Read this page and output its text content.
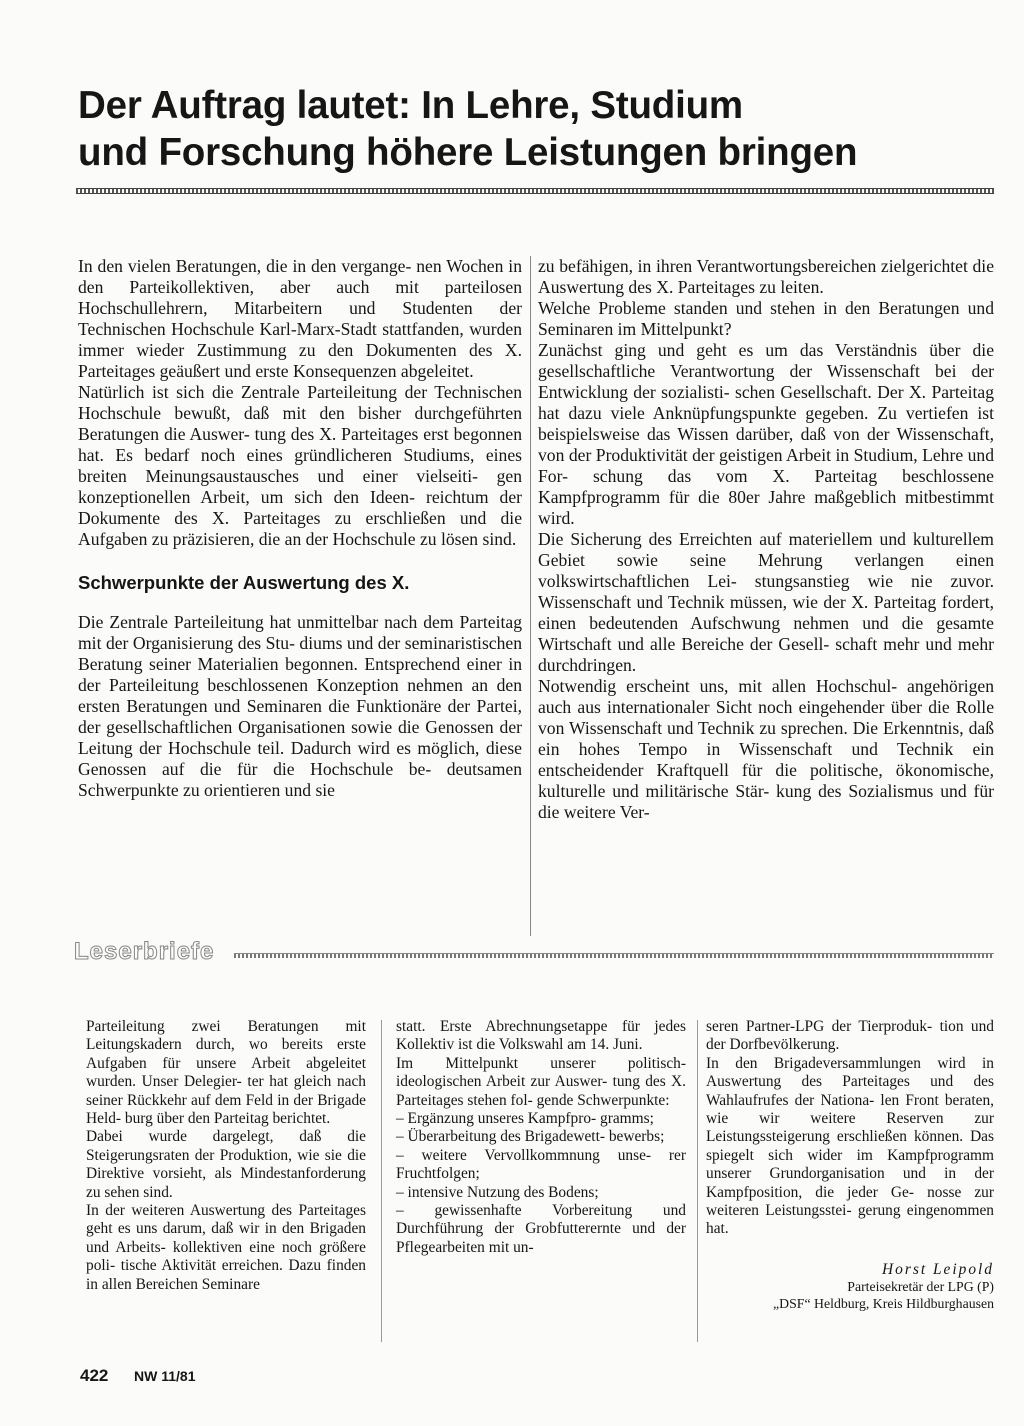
Der Auftrag lautet: In Lehre, Studium
und Forschung höhere Leistungen bringen

In den vielen Beratungen, die in den vergange- nen Wochen in den Parteikollektiven, aber auch mit parteilosen Hochschullehrern, Mitarbeitern und Studenten der Technischen Hochschule Karl-Marx-Stadt stattfanden, wurden immer wieder Zustimmung zu den Dokumenten des X. Parteitages geäußert und erste Konsequenzen abgeleitet.

Natürlich ist sich die Zentrale Parteileitung der Technischen Hochschule bewußt, daß mit den bisher durchgeführten Beratungen die Auswer- tung des X. Parteitages erst begonnen hat. Es bedarf noch eines gründlicheren Studiums, eines breiten Meinungsaustausches und einer vielseiti- gen konzeptionellen Arbeit, um sich den Ideen- reichtum der Dokumente des X. Parteitages zu erschließen und die Aufgaben zu präzisieren, die an der Hochschule zu lösen sind.

Schwerpunkte der Auswertung des X.

Die Zentrale Parteileitung hat unmittelbar nach dem Parteitag mit der Organisierung des Stu- diums und der seminaristischen Beratung seiner Materialien begonnen. Entsprechend einer in der Parteileitung beschlossenen Konzeption nehmen an den ersten Beratungen und Seminaren die Funktionäre der Partei, der gesellschaftlichen Organisationen sowie die Genossen der Leitung der Hochschule teil. Dadurch wird es möglich, diese Genossen auf die für die Hochschule be- deutsamen Schwerpunkte zu orientieren und sie

zu befähigen, in ihren Verantwortungsbereichen zielgerichtet die Auswertung des X. Parteitages zu leiten.

Welche Probleme standen und stehen in den Beratungen und Seminaren im Mittelpunkt?

Zunächst ging und geht es um das Verständnis über die gesellschaftliche Verantwortung der Wissenschaft bei der Entwicklung der sozialisti- schen Gesellschaft. Der X. Parteitag hat dazu viele Anknüpfungspunkte gegeben. Zu vertiefen ist beispielsweise das Wissen darüber, daß von der Wissenschaft, von der Produktivität der geistigen Arbeit in Studium, Lehre und For- schung das vom X. Parteitag beschlossene Kampfprogramm für die 80er Jahre maßgeblich mitbestimmt wird.

Die Sicherung des Erreichten auf materiellem und kulturellem Gebiet sowie seine Mehrung verlangen einen volkswirtschaftlichen Lei- stungsanstieg wie nie zuvor. Wissenschaft und Technik müssen, wie der X. Parteitag fordert, einen bedeutenden Aufschwung nehmen und die gesamte Wirtschaft und alle Bereiche der Gesell- schaft mehr und mehr durchdringen.

Notwendig erscheint uns, mit allen Hochschul- angehörigen auch aus internationaler Sicht noch eingehender über die Rolle von Wissenschaft und Technik zu sprechen. Die Erkenntnis, daß ein hohes Tempo in Wissenschaft und Technik ein entscheidender Kraftquell für die politische, ökonomische, kulturelle und militärische Stär- kung des Sozialismus und für die weitere Ver-

Leserbriefe

Parteileitung zwei Beratungen mit Leitungskadern durch, wo bereits erste Aufgaben für unsere Arbeit abgeleitet wurden. Unser Delegier- ter hat gleich nach seiner Rückkehr auf dem Feld in der Brigade Held- burg über den Parteitag berichtet.

Dabei wurde dargelegt, daß die Steigerungsraten der Produktion, wie sie die Direktive vorsieht, als Mindestanforderung zu sehen sind.

In der weiteren Auswertung des Parteitages geht es uns darum, daß wir in den Brigaden und Arbeits- kollektiven eine noch größere poli- tische Aktivität erreichen. Dazu finden in allen Bereichen Seminare

statt. Erste Abrechnungsetappe für jedes Kollektiv ist die Volkswahl am 14. Juni.

Im Mittelpunkt unserer politisch- ideologischen Arbeit zur Auswer- tung des X. Parteitages stehen fol- gende Schwerpunkte:

– Ergänzung unseres Kampfpro- gramms;

– Überarbeitung des Brigadewett- bewerbs;

– weitere Vervollkommnung unse- rer Fruchtfolgen;

– intensive Nutzung des Bodens;

– gewissenhafte Vorbereitung und Durchführung der Grobfutterernte und der Pflegearbeiten mit un-

seren Partner-LPG der Tierproduk- tion und der Dorfbevölkerung.

In den Brigadeversammlungen wird in Auswertung des Parteitages und des Wahlaufrufes der Nationa- len Front beraten, wie wir weitere Reserven zur Leistungssteigerung erschließen können. Das spiegelt sich wider im Kampfprogramm unserer Grundorganisation und in der Kampfposition, die jeder Ge- nosse zur weiteren Leistungsstei- gerung eingenommen hat.

Horst Leipold

Parteisekretär der LPG (P)

„DSF“ Heldburg, Kreis Hildburghausen

422 NW 11/81
